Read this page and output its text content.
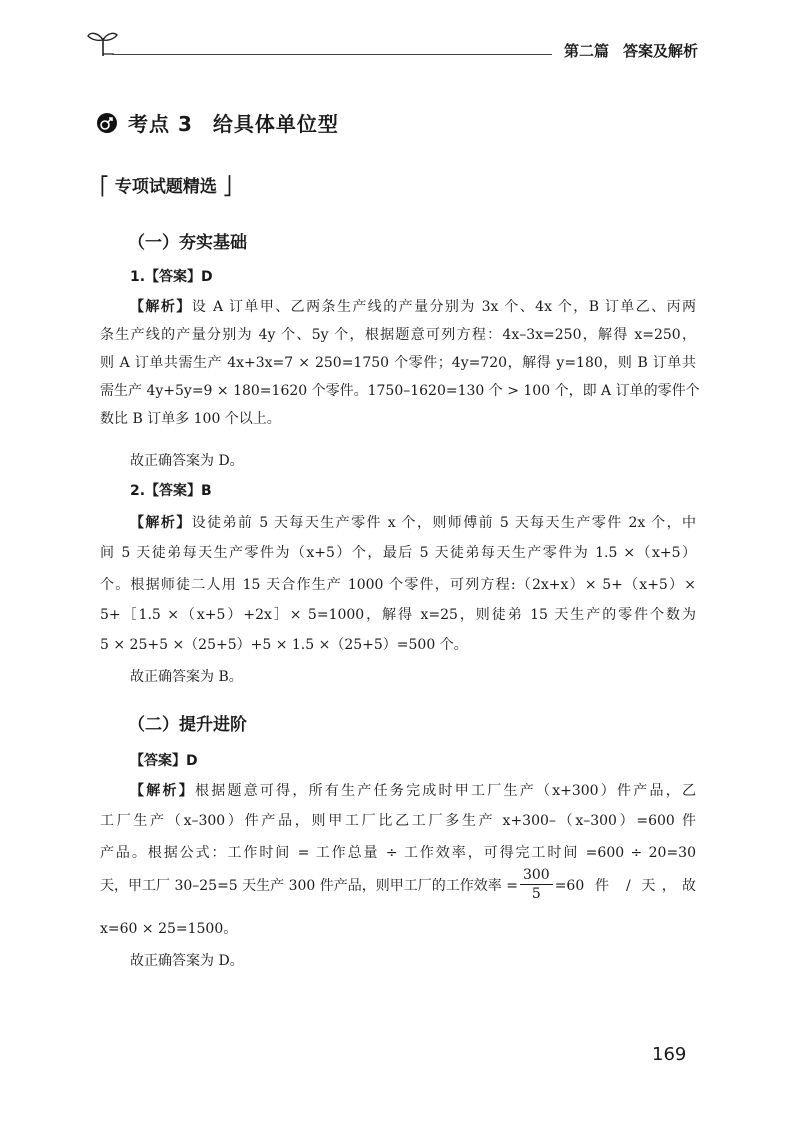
第二篇 答案及解析
考点 3 给具体单位型
⎡ 专项试题精选 ⎦
（一）夯实基础
1.【答案】D
【解析】设 A 订单甲、乙两条生产线的产量分别为 3x 个、4x 个，B 订单乙、丙两
条生产线的产量分别为 4y 个、5y 个，根据题意可列方程：4x–3x=250，解得 x=250，
则 A 订单共需生产 4x+3x=7 × 250=1750 个零件；4y=720，解得 y=180，则 B 订单共
需生产 4y+5y=9 × 180=1620 个零件。1750–1620=130 个 > 100 个，即 A 订单的零件个
数比 B 订单多 100 个以上。
故正确答案为 D。
2.【答案】B
【解析】设徒弟前 5 天每天生产零件 x 个，则师傅前 5 天每天生产零件 2x 个，中
间 5 天徒弟每天生产零件为（x+5）个，最后 5 天徒弟每天生产零件为 1.5 ×（x+5）
个。根据师徒二人用 15 天合作生产 1000 个零件，可列方程:（2x+x）× 5+（x+5）×
5+［1.5 ×（x+5）+2x］× 5=1000，解得 x=25，则徒弟 15 天生产的零件个数为
5 × 25+5 ×（25+5）+5 × 1.5 ×（25+5）=500 个。
故正确答案为 B。
（二）提升进阶
【答案】D
【解析】根据题意可得，所有生产任务完成时甲工厂生产（x+300）件产品，乙
工厂生产（x–300）件产品，则甲工厂比乙工厂多生产 x+300–（x–300）=600 件
产品。根据公式：工作时间 = 工作总量 ÷ 工作效率，可得完工时间 =600 ÷ 20=30
天，甲工厂 30–25=5 天生产 300 件产品，则甲工厂的工作效率 = $\frac{300}{5} =60$ 件 / 天，故
x=60 × 25=1500。
故正确答案为 D。
169
